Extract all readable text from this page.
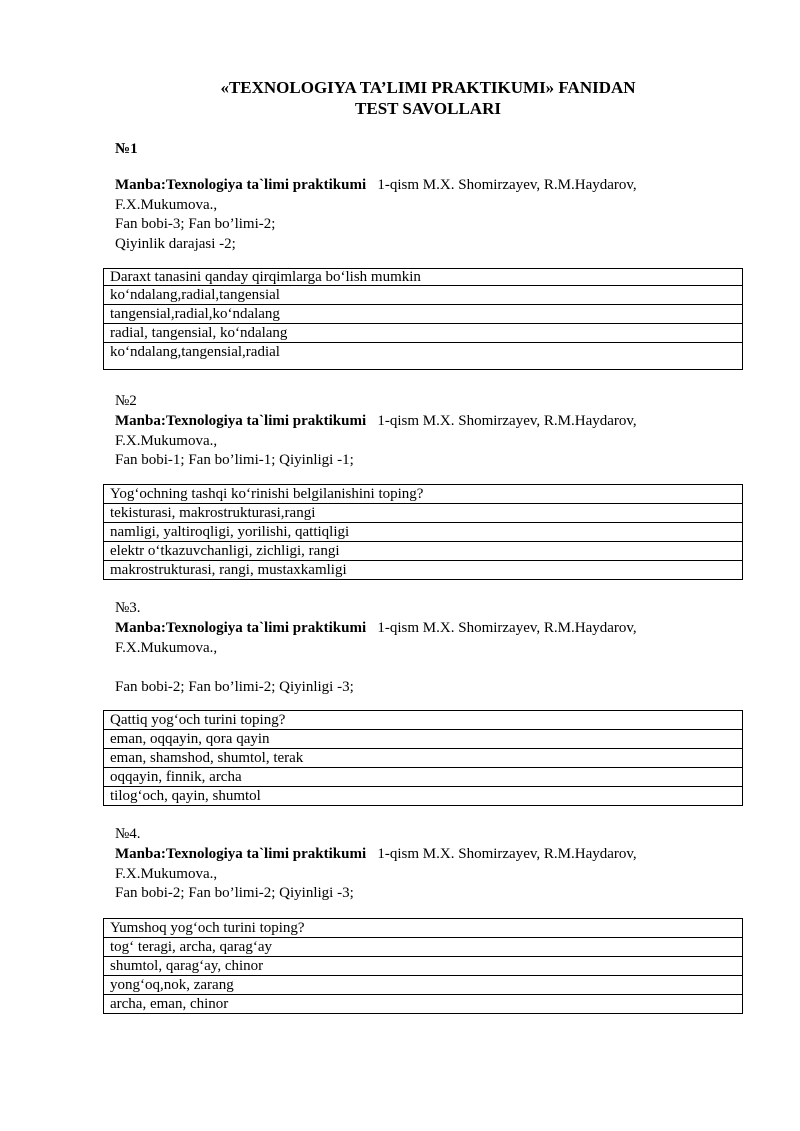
«TEXNOLOGIYA TA’LIMI PRAKTIKUMI» FANIDAN
TEST SAVOLLARI
№1
Manba:Texnologiya ta`limi praktikumi 1-qism M.X. Shomirzayev, R.M.Haydarov,
F.X.Mukumova.,
Fan bobi-3; Fan bo’limi-2;
Qiyinlik darajasi -2;
Daraxt tanasini qanday qirqimlarga bo‘lish mumkin
ko‘ndalang,radial,tangensial
tangensial,radial,ko‘ndalang
radial, tangensial, ko‘ndalang
ko‘ndalang,tangensial,radial
№2
Manba:Texnologiya ta`limi praktikumi 1-qism M.X. Shomirzayev, R.M.Haydarov,
F.X.Mukumova.,
Fan bobi-1; Fan bo’limi-1; Qiyinligi -1;
Yog‘ochning tashqi ko‘rinishi belgilanishini toping?
tekisturasi, makrostrukturasi,rangi
namligi, yaltiroqligi, yorilishi, qattiqligi
elektr o‘tkazuvchanligi, zichligi, rangi
makrostrukturasi, rangi, mustaxkamligi
№3.
Manba:Texnologiya ta`limi praktikumi 1-qism M.X. Shomirzayev, R.M.Haydarov,
F.X.Mukumova.,
Fan bobi-2; Fan bo’limi-2; Qiyinligi -3;
Qattiq yog‘och turini toping?
eman, oqqayin, qora qayin
eman, shamshod, shumtol, terak
oqqayin, finnik, archa
tilog‘och, qayin, shumtol
№4.
Manba:Texnologiya ta`limi praktikumi 1-qism M.X. Shomirzayev, R.M.Haydarov,
F.X.Mukumova.,
Fan bobi-2; Fan bo’limi-2; Qiyinligi -3;
Yumshoq yog‘och turini toping?
tog‘ teragi, archa, qarag‘ay
shumtol, qarag‘ay, chinor
yong‘oq,nok, zarang
archa, eman, chinor
